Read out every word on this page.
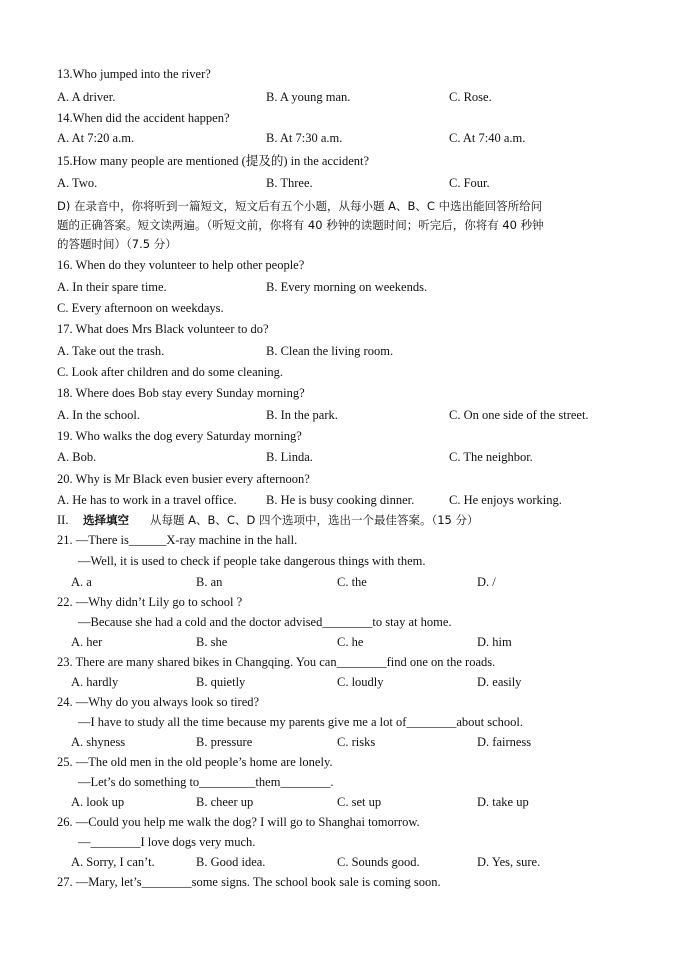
13.Who jumped into the river?
A. A driver.	B. A young man.	C. Rose.
14.When did the accident happen?
A. At 7:20 a.m.	B. At 7:30 a.m.	C. At 7:40 a.m.
15.How many people are mentioned (提及的) in the accident?
A. Two.	B. Three.	C. Four.
D) 在录音中，你将听到一篇短文，短文后有五个小题，从每小题 A、B、C 中选出能回答所给问
题的正确答案。短文读两遍。（听短文前，你将有 40 秒钟的读题时间；听完后，你将有 40 秒钟
的答题时间）（7.5 分）
16. When do they volunteer to help other people?
A. In their spare time.	B. Every morning on weekends.
C. Every afternoon on weekdays.
17. What does Mrs Black volunteer to do?
A. Take out the trash.	B. Clean the living room.
C. Look after children and do some cleaning.
18. Where does Bob stay every Sunday morning?
A. In the school.	B. In the park.	C. On one side of the street.
19. Who walks the dog every Saturday morning?
A. Bob.	B. Linda.	C. The neighbor.
20. Why is Mr Black even busier every afternoon?
A. He has to work in a travel office. B. He is busy cooking dinner.	C. He enjoys working.
II. 选择填空 从每题 A、B、C、D 四个选项中，选出一个最佳答案。（15 分）
21. —There is______X-ray machine in the hall.
—Well, it is used to check if people take dangerous things with them.
A. a	B. an	C. the	D. /
22. —Why didn’t Lily go to school ?
—Because she had a cold and the doctor advised________to stay at home.
A. her	B. she	C. he	D. him
23. There are many shared bikes in Changqing. You can________find one on the roads.
A. hardly	B. quietly	C. loudly	D. easily
24. —Why do you always look so tired?
—I have to study all the time because my parents give me a lot of________about school.
A. shyness	B. pressure	C. risks	D. fairness
25. —The old men in the old people’s home are lonely.
—Let’s do something to_________them________.
A. look up	B. cheer up	C. set up	D. take up
26. —Could you help me walk the dog? I will go to Shanghai tomorrow.
—________I love dogs very much.
A. Sorry, I can’t.	B. Good idea.	C. Sounds good.	D. Yes, sure.
27. —Mary, let’s________some signs. The school book sale is coming soon.
